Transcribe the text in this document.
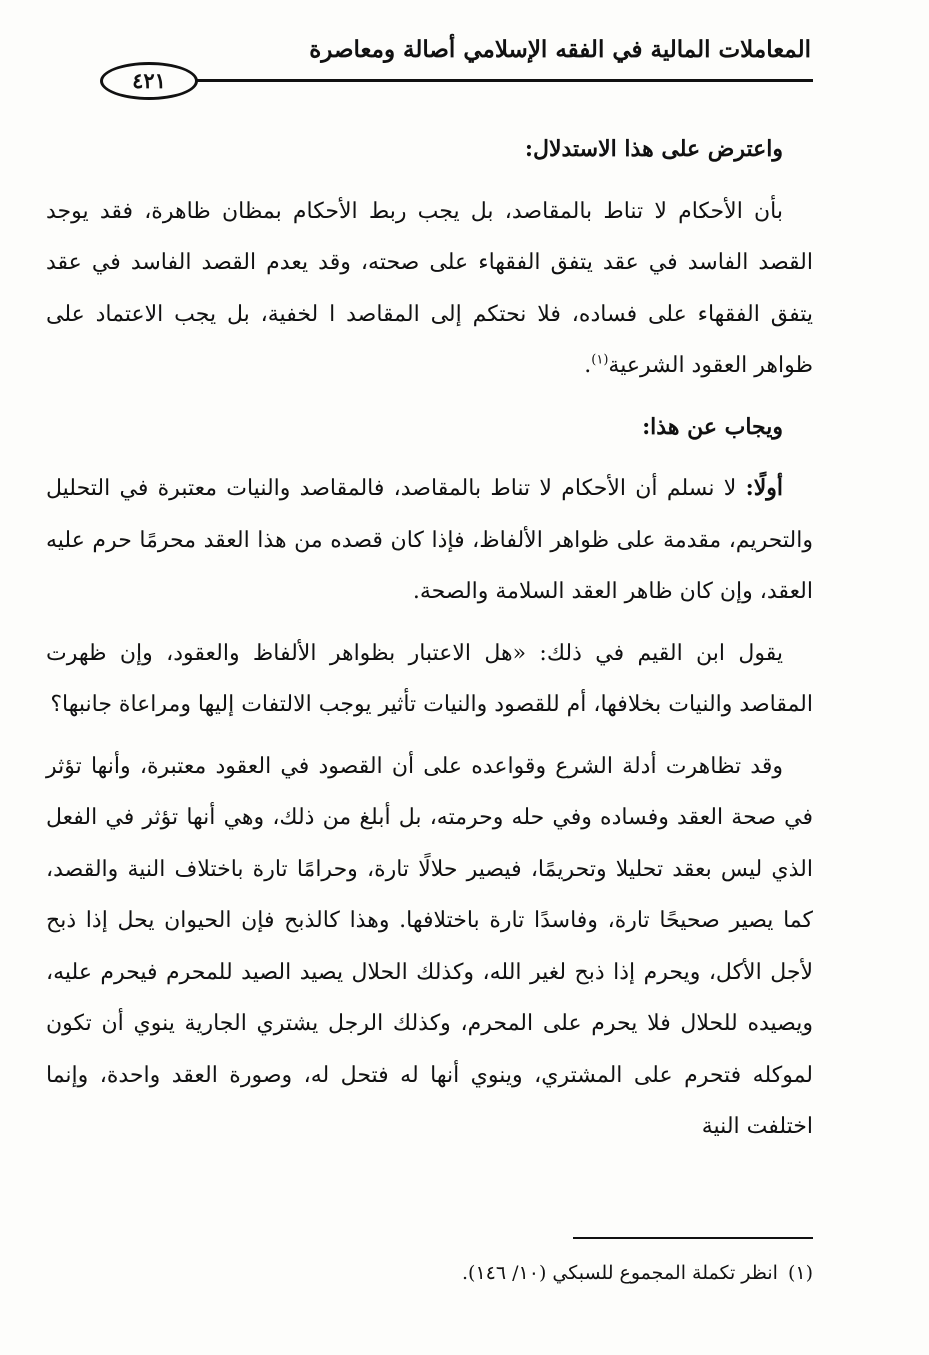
المعاملات المالية في الفقه الإسلامي أصالة ومعاصرة
٤٢١

واعترض على هذا الاستدلال:

بأن الأحكام لا تناط بالمقاصد، بل يجب ربط الأحكام بمظان ظاهرة، فقد يوجد القصد الفاسد في عقد يتفق الفقهاء على صحته، وقد يعدم القصد الفاسد في عقد يتفق الفقهاء على فساده، فلا نحتكم إلى المقاصد ا لخفية، بل يجب الاعتماد على ظواهر العقود الشرعية$^{(١)}$.

ويجاب عن هذا:

أولًا: لا نسلم أن الأحكام لا تناط بالمقاصد، فالمقاصد والنيات معتبرة في التحليل والتحريم، مقدمة على ظواهر الألفاظ، فإذا كان قصده من هذا العقد محرمًا حرم عليه العقد، وإن كان ظاهر العقد السلامة والصحة.

يقول ابن القيم في ذلك: «هل الاعتبار بظواهر الألفاظ والعقود، وإن ظهرت المقاصد والنيات بخلافها، أم للقصود والنيات تأثير يوجب الالتفات إليها ومراعاة جانبها؟

وقد تظاهرت أدلة الشرع وقواعده على أن القصود في العقود معتبرة، وأنها تؤثر في صحة العقد وفساده وفي حله وحرمته، بل أبلغ من ذلك، وهي أنها تؤثر في الفعل الذي ليس بعقد تحليلا وتحريمًا، فيصير حلالًا تارة، وحرامًا تارة باختلاف النية والقصد، كما يصير صحيحًا تارة، وفاسدًا تارة باختلافها. وهذا كالذبح فإن الحيوان يحل إذا ذبح لأجل الأكل، ويحرم إذا ذبح لغير الله، وكذلك الحلال يصيد الصيد للمحرم فيحرم عليه، ويصيده للحلال فلا يحرم على المحرم، وكذلك الرجل يشتري الجارية ينوي أن تكون لموكله فتحرم على المشتري، وينوي أنها له فتحل له، وصورة العقد واحدة، وإنما اختلفت النية

(١)انظر تكملة المجموع للسبكي (١٠/ ١٤٦).
